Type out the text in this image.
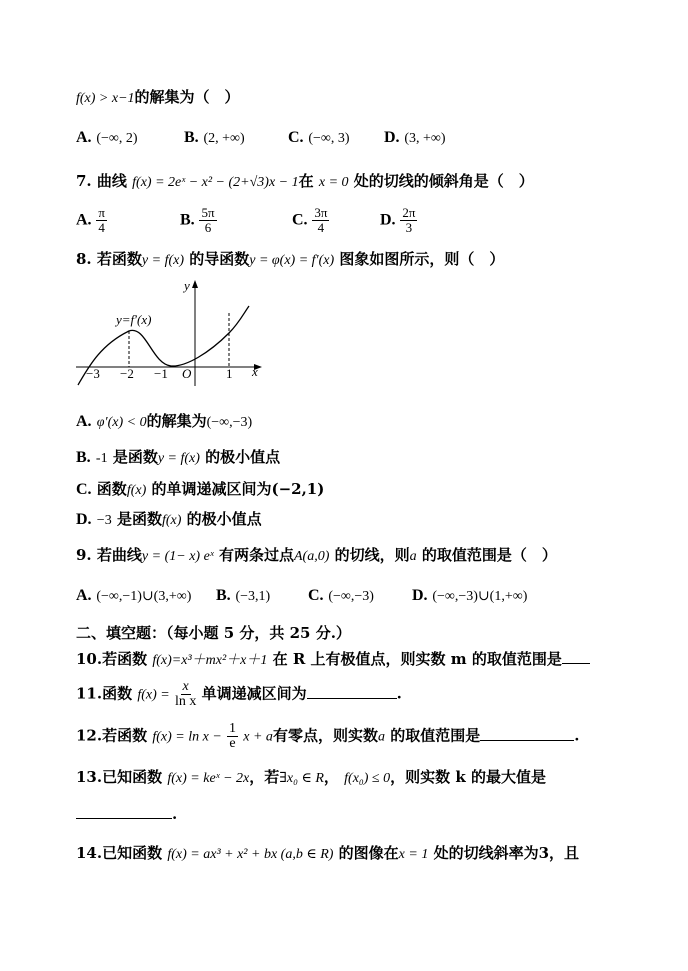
f(x) > x−1的解集为（　）
A. (−∞, 2)	B. (2, +∞)	C. (−∞, 3) D. (3, +∞)
7. 曲线 f(x) = 2eˣ − x² − (2+√3)x − 1在 x = 0 处的切线的倾斜角是（　）
A. $\frac{\pi}{4}$	B. $\frac{5\pi}{6}$	C. $\frac{3\pi}{4}$	D. $\frac{2\pi}{3}$
8. 若函数y = f(x) 的导函数y = φ(x) = f′(x) 图象如图所示，则（　）
y
x
y=f′(x)
O
−3 −2 −1	1
A. φ′(x) < 0的解集为(−∞,−3)
B. -1 是函数y = f(x) 的极小值点
C. 函数f(x) 的单调递减区间为(−2,1)
D. −3 是函数f(x) 的极小值点
9. 若曲线y = (1− x) eˣ 有两条过点A(a,0) 的切线，则a 的取值范围是（　）
A. (−∞,−1)∪(3,+∞) B. (−3,1) C. (−∞,−3) D. (−∞,−3)∪(1,+∞)
二、填空题：（每小题 5 分，共 25 分.）
10.若函数 f(x)=x³＋mx²＋x＋1 在 R 上有极值点，则实数 m 的取值范围是
11.函数 $f(x) = \frac{x}{\text{ln x}}$ 单调递减区间为	.
12.若函数 $f(x) = \ln x - \frac{1}{e}$ x + a有零点，则实数a 的取值范围是	.
13.已知函数 f(x) = keˣ − 2x，若∃x₀ ∈ R， f(x₀) ≤ 0，则实数 k 的最大值是
.
14.已知函数 f(x) = ax³ + x² + bx (a,b ∈ R) 的图像在x = 1 处的切线斜率为3，且
